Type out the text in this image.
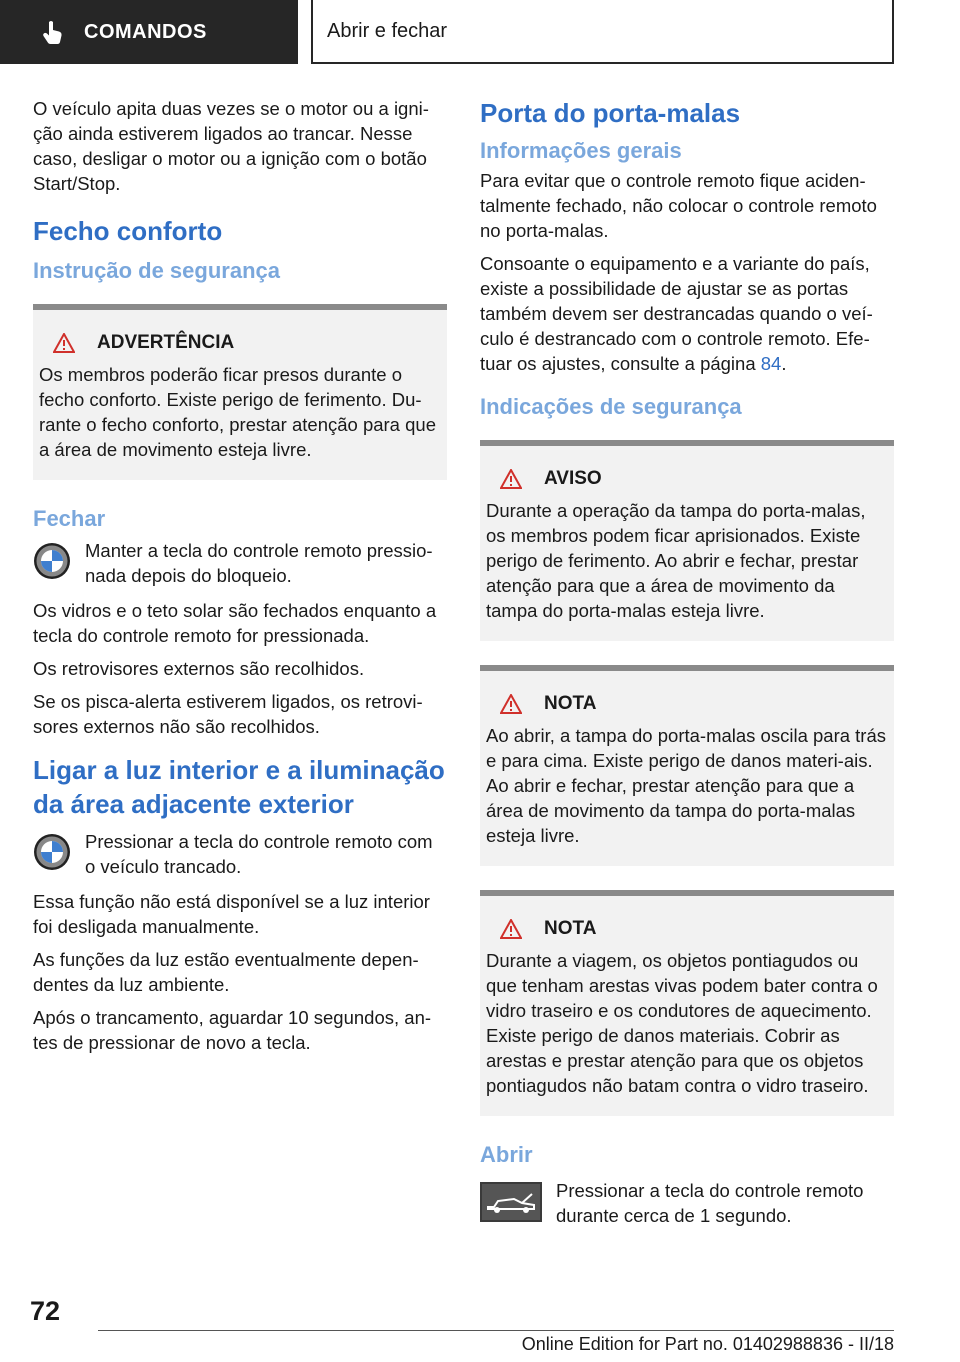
COMANDOS	Abrir e fechar

O veículo apita duas vezes se o motor ou a igni-ção ainda estiverem ligados ao trancar. Nesse caso, desligar o motor ou a ignição com o botão Start/Stop.

Fecho conforto
Instrução de segurança
ADVERTÊNCIA

Os membros poderão ficar presos durante o fecho conforto. Existe perigo de ferimento. Du-rante o fecho conforto, prestar atenção para que a área de movimento esteja livre.

Fechar

Manter a tecla do controle remoto pressio-nada depois do bloqueio.

Os vidros e o teto solar são fechados enquanto a tecla do controle remoto for pressionada.

Os retrovisores externos são recolhidos.

Se os pisca-alerta estiverem ligados, os retrovi-sores externos não são recolhidos.

Ligar a luz interior e a iluminação da área adjacente exterior

Pressionar a tecla do controle remoto com o veículo trancado.

Essa função não está disponível se a luz interior foi desligada manualmente.

As funções da luz estão eventualmente depen-dentes da luz ambiente.

Após o trancamento, aguardar 10 segundos, an-tes de pressionar de novo a tecla.

Porta do porta-malas
Informações gerais

Para evitar que o controle remoto fique aciden-talmente fechado, não colocar o controle remoto no porta-malas.

Consoante o equipamento e a variante do país, existe a possibilidade de ajustar se as portas também devem ser destrancadas quando o veí-culo é destrancado com o controle remoto. Efe-tuar os ajustes, consulte a página 84.

Indicações de segurança
AVISO

Durante a operação da tampa do porta-malas, os membros podem ficar aprisionados. Existe perigo de ferimento. Ao abrir e fechar, prestar atenção para que a área de movimento da tampa do porta-malas esteja livre.

NOTA

Ao abrir, a tampa do porta-malas oscila para trás e para cima. Existe perigo de danos materi-ais. Ao abrir e fechar, prestar atenção para que a área de movimento da tampa do porta-malas esteja livre.

NOTA

Durante a viagem, os objetos pontiagudos ou que tenham arestas vivas podem bater contra o vidro traseiro e os condutores de aquecimento. Existe perigo de danos materiais. Cobrir as arestas e prestar atenção para que os objetos pontiagudos não batam contra o vidro traseiro.

Abrir

Pressionar a tecla do controle remoto durante cerca de 1 segundo.

72
Online Edition for Part no. 01402988836 - II/18
